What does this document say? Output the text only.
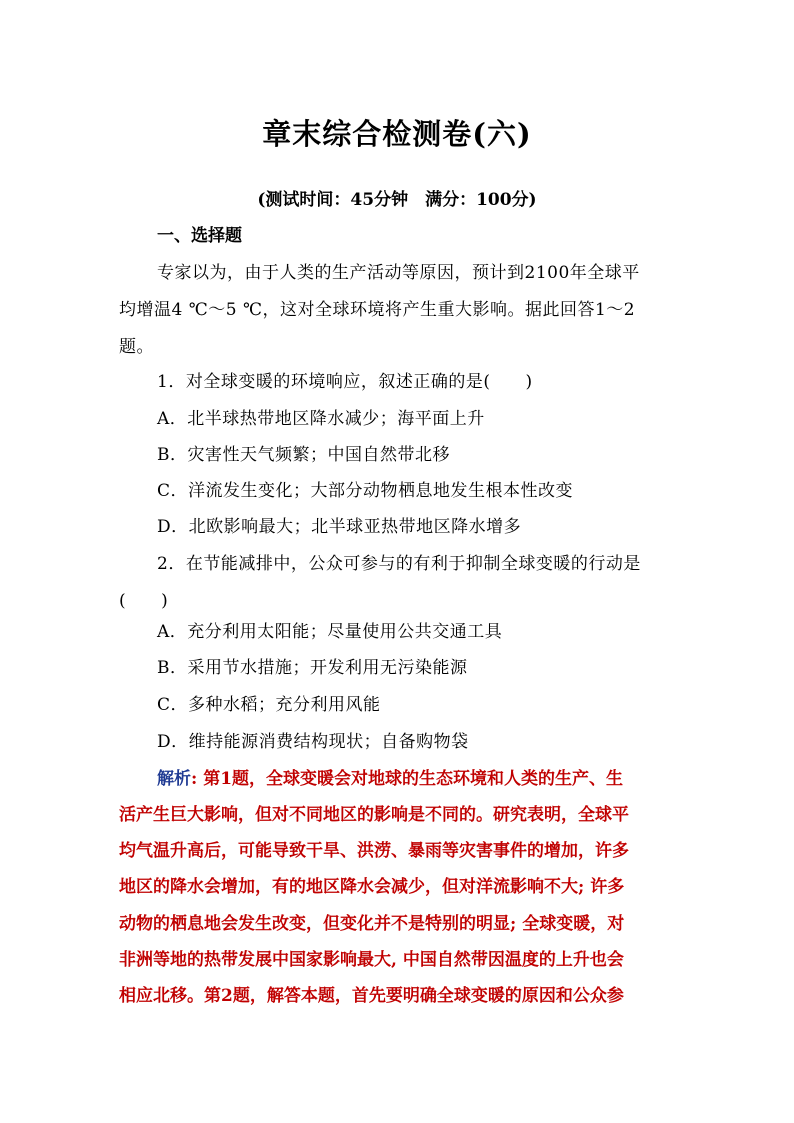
章末综合检测卷(六)
(测试时间：45分钟　满分：100分)
一、选择题
专家以为，由于人类的生产活动等原因，预计到2100年全球平
均增温4 ℃～5 ℃，这对全球环境将产生重大影响。据此回答1～2
题。
1．对全球变暖的环境响应，叙述正确的是(　　)
A．北半球热带地区降水减少；海平面上升
B．灾害性天气频繁；中国自然带北移
C．洋流发生变化；大部分动物栖息地发生根本性改变
D．北欧影响最大；北半球亚热带地区降水增多
2．在节能减排中，公众可参与的有利于抑制全球变暖的行动是
(　　)
A．充分利用太阳能；尽量使用公共交通工具
B．采用节水措施；开发利用无污染能源
C．多种水稻；充分利用风能
D．维持能源消费结构现状；自备购物袋
解析: 第1题，全球变暖会对地球的生态环境和人类的生产、生
活产生巨大影响，但对不同地区的影响是不同的。研究表明，全球平
均气温升高后，可能导致干旱、洪涝、暴雨等灾害事件的增加，许多
地区的降水会增加，有的地区降水会减少，但对洋流影响不大; 许多
动物的栖息地会发生改变，但变化并不是特别的明显; 全球变暖，对
非洲等地的热带发展中国家影响最大, 中国自然带因温度的上升也会
相应北移。第2题，解答本题，首先要明确全球变暖的原因和公众参
